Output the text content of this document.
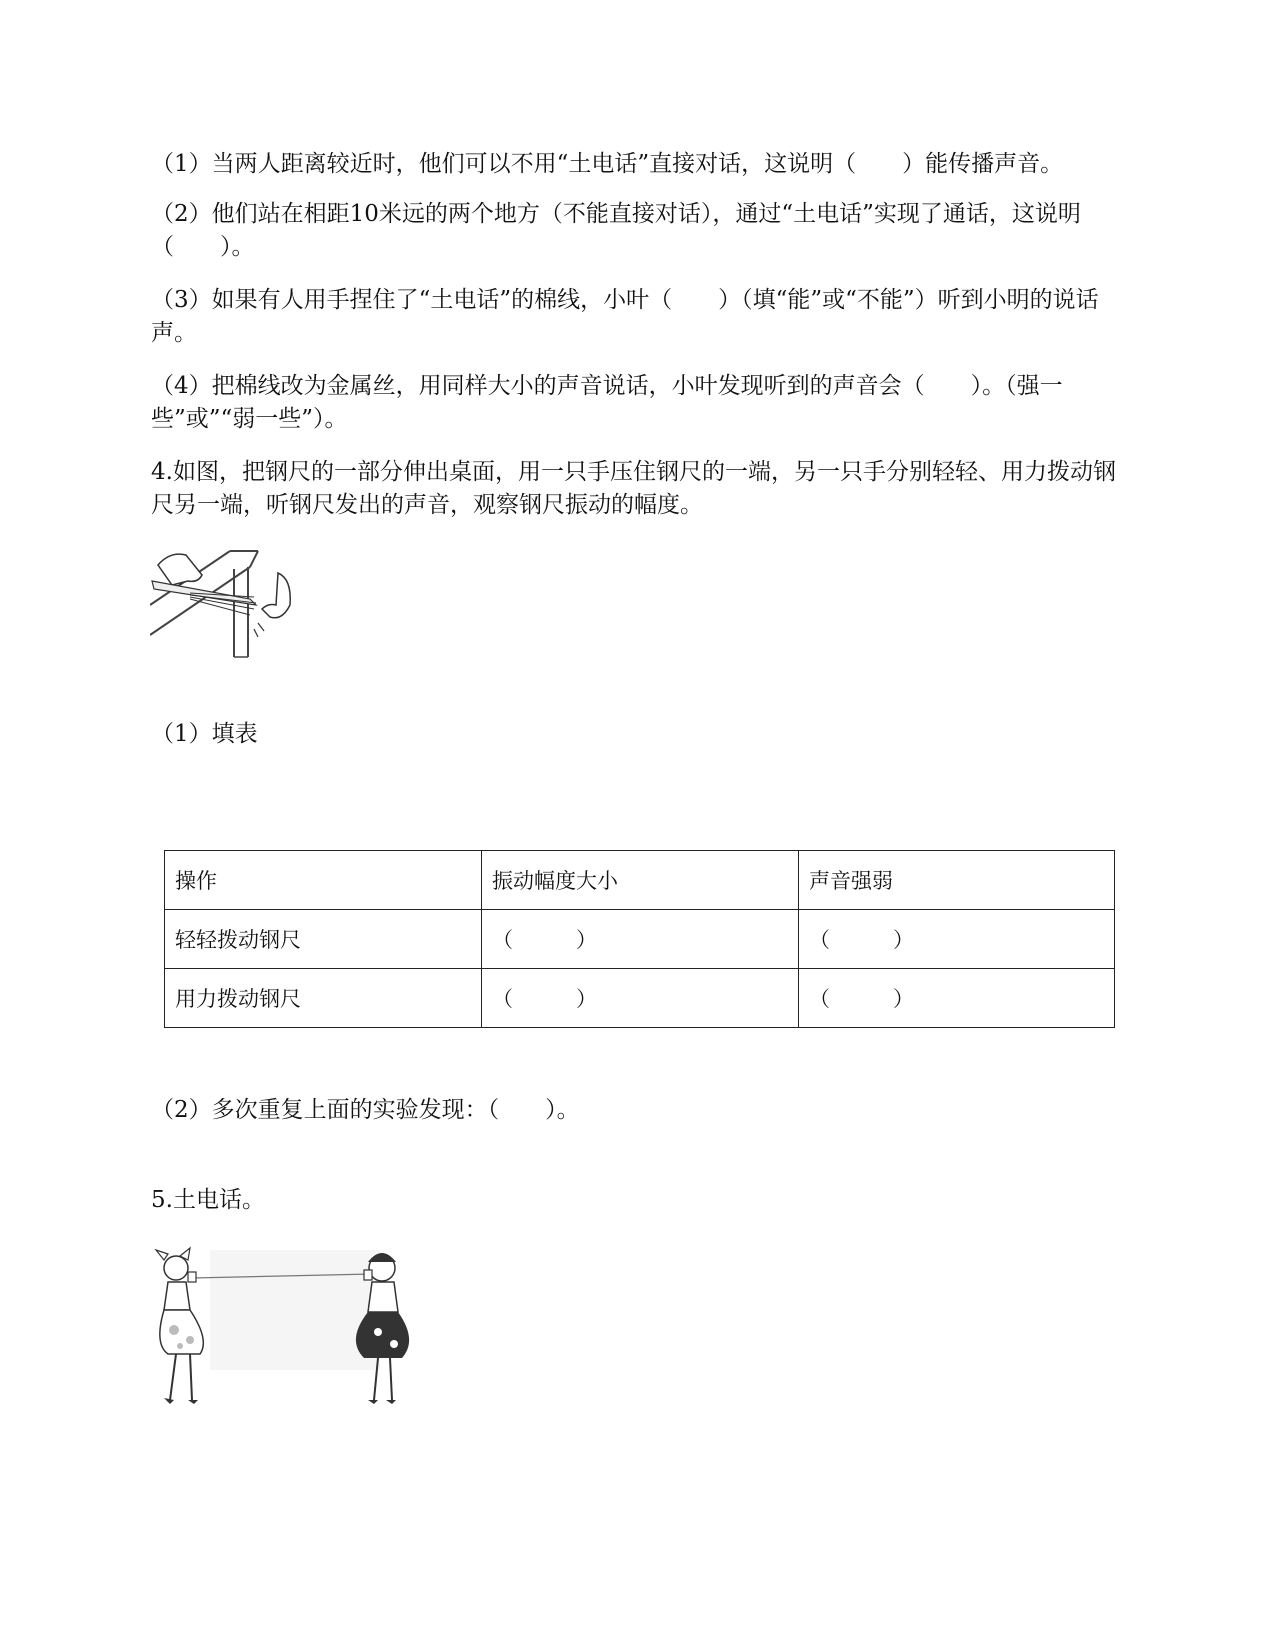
（1）当两人距离较近时，他们可以不用“土电话”直接对话，这说明（　　）能传播声音。

（2）他们站在相距10米远的两个地方（不能直接对话），通过“土电话”实现了通话，这说明（　　）。

（3）如果有人用手捏住了“土电话”的棉线，小叶（　　）（填“能”或“不能”）听到小明的说话声。

（4）把棉线改为金属丝，用同样大小的声音说话，小叶发现听到的声音会（　　）。（强一些”或”“弱一些”）。

4.如图，把钢尺的一部分伸出桌面，用一只手压住钢尺的一端，另一只手分别轻轻、用力拨动钢尺另一端，听钢尺发出的声音，观察钢尺振动的幅度。

（1）填表

操作	振动幅度大小	声音强弱
轻轻拨动钢尺	（　　　）	（　　　）
用力拨动钢尺	（　　　）	（　　　）

（2）多次重复上面的实验发现：（　　）。

5.土电话。
